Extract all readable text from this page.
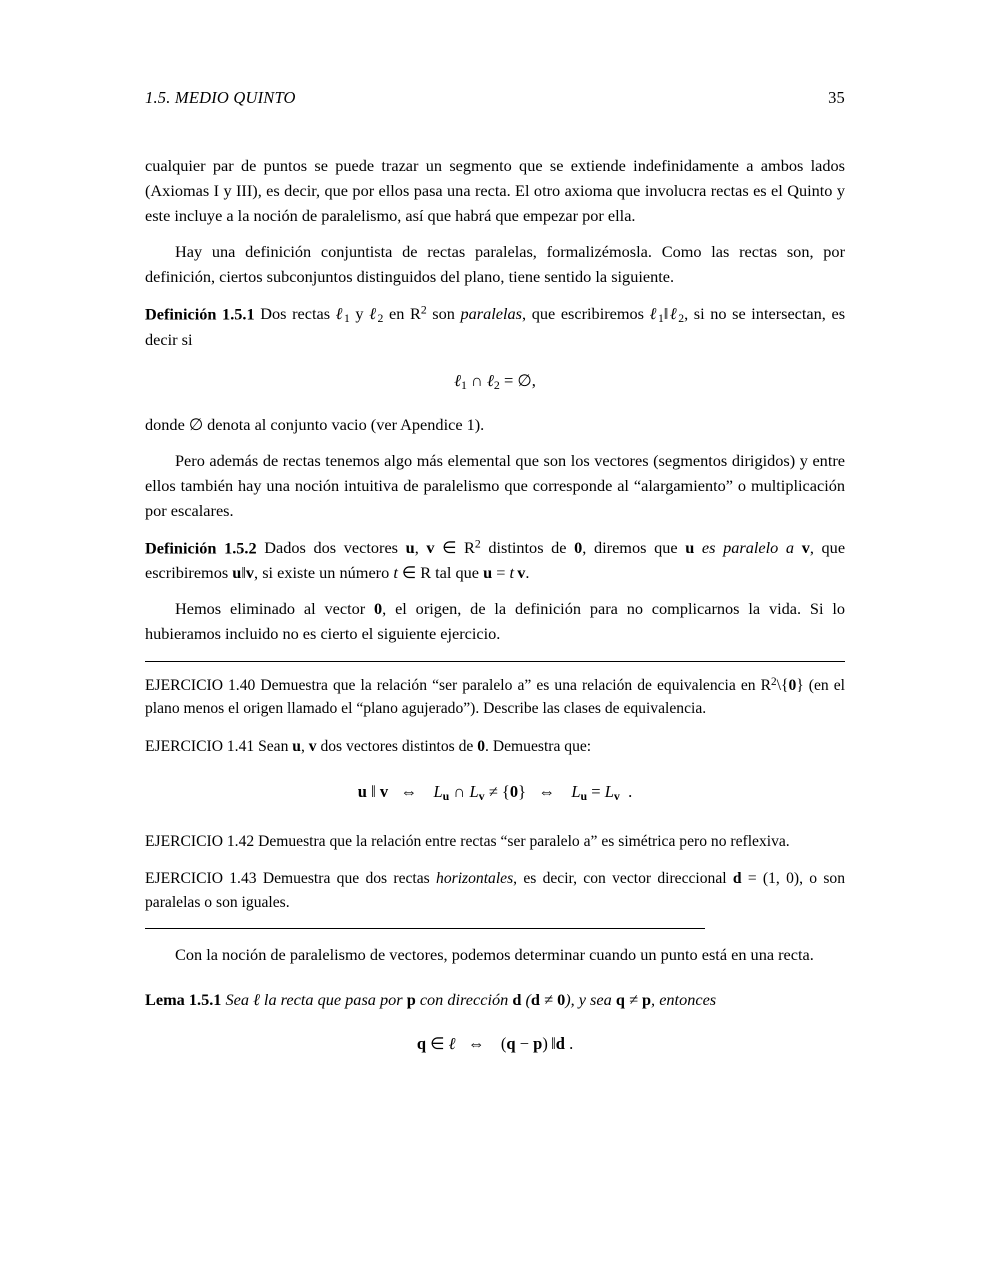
1.5. MEDIO QUINTO	35

cualquier par de puntos se puede trazar un segmento que se extiende indefinidamente a ambos lados (Axiomas I y III), es decir, que por ellos pasa una recta. El otro axioma que involucra rectas es el Quinto y este incluye a la noción de paralelismo, así que habrá que empezar por ella.

Hay una definición conjuntista de rectas paralelas, formalizémosla. Como las rectas son, por definición, ciertos subconjuntos distinguidos del plano, tiene sentido la siguiente.

Definición 1.5.1 Dos rectas ℓ$_1$ y ℓ$_2$ en $R^2$ son paralelas, que escribiremos ℓ$_1$‖ℓ$_2$, si no se intersectan, es decir si

ℓ$_1$ ∩ ℓ$_2$ = ∅,

donde ∅ denota al conjunto vacio (ver Apendice 1).

Pero además de rectas tenemos algo más elemental que son los vectores (segmentos dirigidos) y entre ellos también hay una noción intuitiva de paralelismo que corresponde al “alargamiento” o multiplicación por escalares.

Definición 1.5.2 Dados dos vectores u, v ∈ $R^2$ distintos de 0, diremos que u es paralelo a v, que escribiremos u‖v, si existe un número t ∈ R tal que u = t  v.

Hemos eliminado al vector 0, el origen, de la definición para no complicarnos la vida. Si lo hubieramos incluido no es cierto el siguiente ejercicio.

EJERCICIO 1.40 Demuestra que la relación “ser paralelo a” es una relación de equivalencia en $R^2\backslash\{0\}$ (en el plano menos el origen llamado el “plano agujerado”). Describe las clases de equivalencia.
EJERCICIO 1.41 Sean u, v dos vectores distintos de 0. Demuestra que:
u ‖ v   ⇔    $L_u$ ∩ $L_v \ne \{0\}$   ⇔    $L_u = L_v$  .
EJERCICIO 1.42 Demuestra que la relación entre rectas “ser paralelo a” es simétrica pero no reflexiva.
EJERCICIO 1.43 Demuestra que dos rectas horizontales, es decir, con vector direccional d = (1, 0), o son paralelas o son iguales.

Con la noción de paralelismo de vectores, podemos determinar cuando un punto está en una recta.

Lema 1.5.1 Sea ℓ la recta que pasa por p con dirección d (d ≠ 0), y sea q ≠ p, entonces
q ∈ ℓ   ⇔    (q − p) ‖d .
